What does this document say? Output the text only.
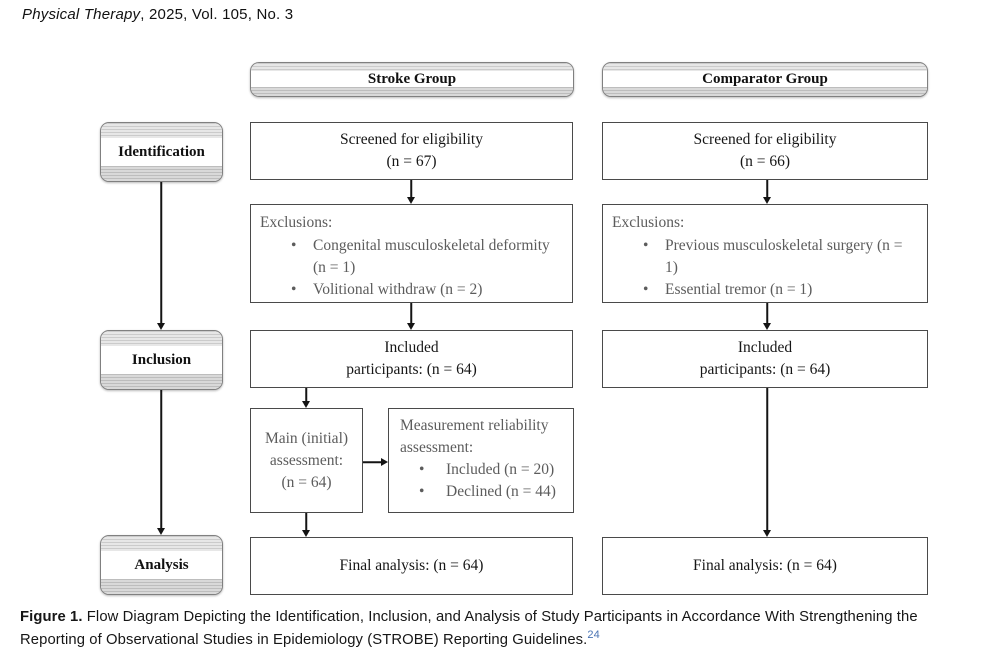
Physical Therapy, 2025, Vol. 105, No. 3
Stroke Group	Comparator Group
Identification
Inclusion
Analysis
Screened for eligibility
(n = 67)
Exclusions:
• Congenital musculoskeletal deformity (n = 1)
• Volitional withdraw (n = 2)
Included
participants: (n = 64)
Main (initial)
assessment:
(n = 64)
Measurement reliability assessment:
• Included (n = 20)
• Declined (n = 44)
Final analysis: (n = 64)
Screened for eligibility
(n = 66)
Exclusions:
• Previous musculoskeletal surgery (n = 1)
• Essential tremor (n = 1)
Included
participants: (n = 64)
Final analysis: (n = 64)
Figure 1. Flow Diagram Depicting the Identification, Inclusion, and Analysis of Study Participants in Accordance With Strengthening the Reporting of Observational Studies in Epidemiology (STROBE) Reporting Guidelines.$^{24}$
